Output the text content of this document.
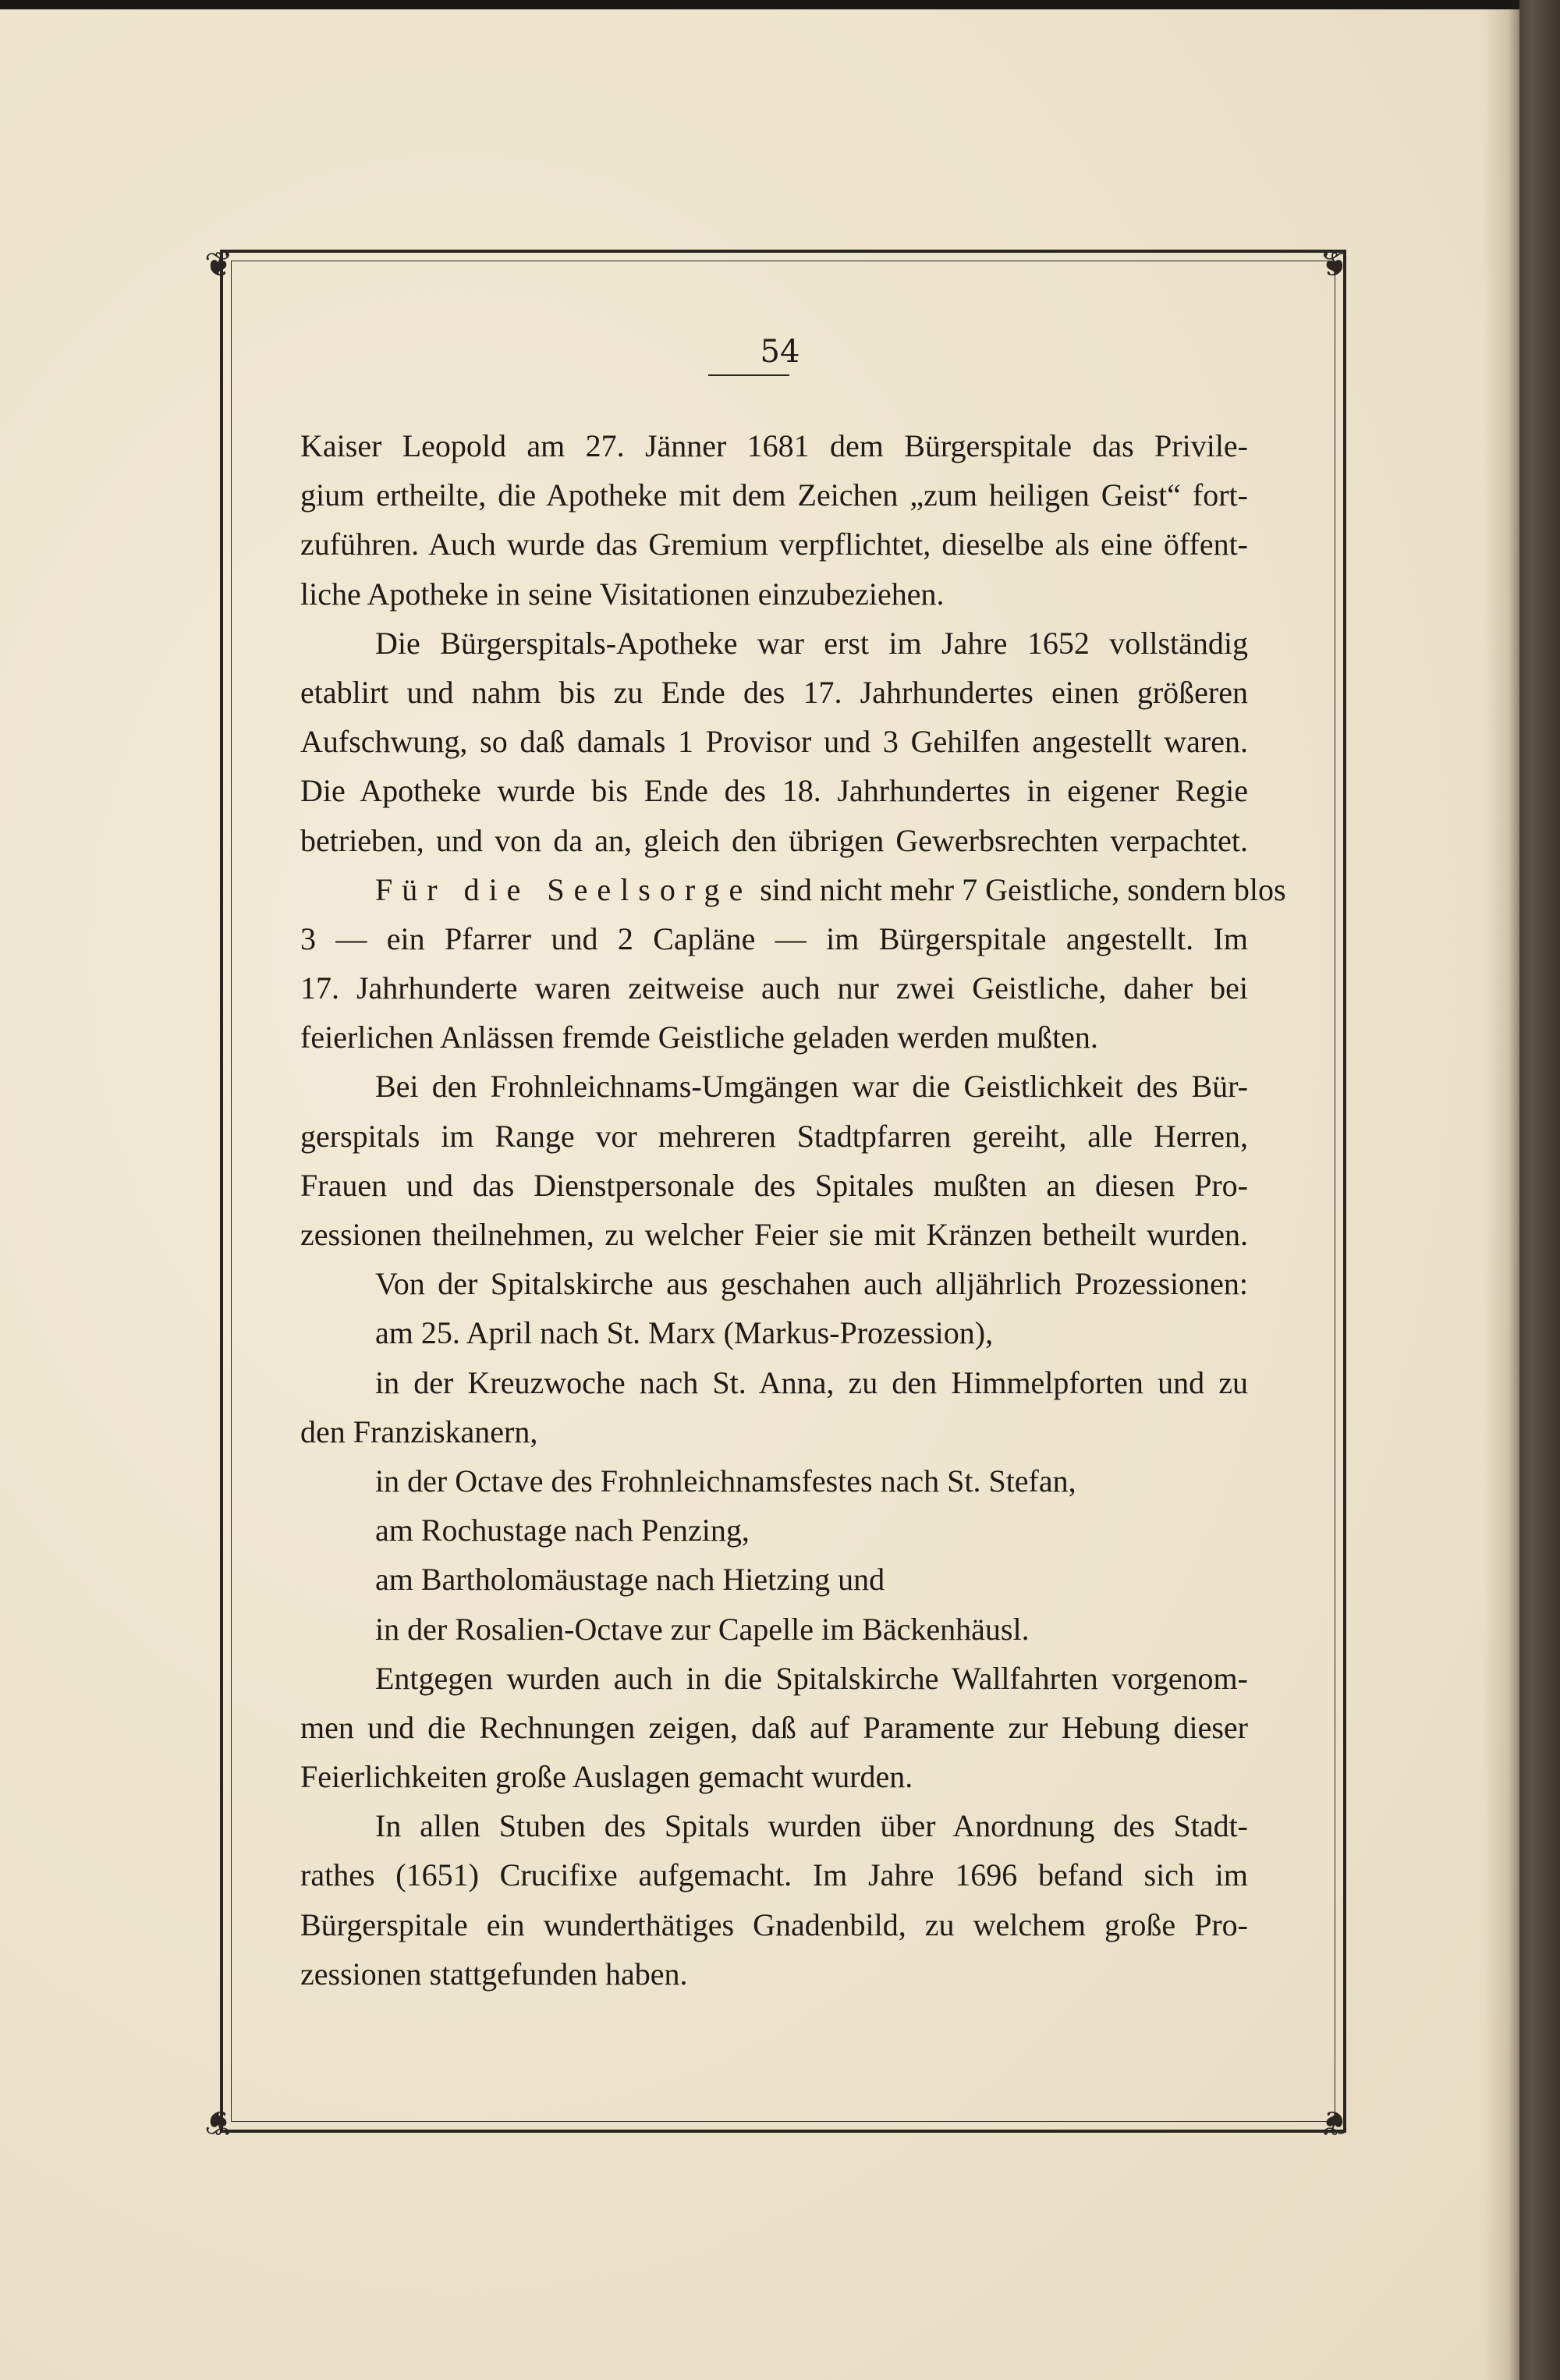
❦	❦
❦	❦
54
Kaiser Leopold am 27. Jänner 1681 dem Bürgerspitale das Privile-
gium ertheilte, die Apotheke mit dem Zeichen „zum heiligen Geist“ fort-
zuführen. Auch wurde das Gremium verpflichtet, dieselbe als eine öffent-
liche Apotheke in seine Visitationen einzubeziehen.
Die Bürgerspitals-Apotheke war erst im Jahre 1652 vollständig
etablirt und nahm bis zu Ende des 17. Jahrhundertes einen größeren
Aufschwung, so daß damals 1 Provisor und 3 Gehilfen angestellt waren.
Die Apotheke wurde bis Ende des 18. Jahrhundertes in eigener Regie
betrieben, und von da an, gleich den übrigen Gewerbsrechten verpachtet.
Für die Seelsorge sind nicht mehr 7 Geistliche, sondern blos
3 — ein Pfarrer und 2 Capläne — im Bürgerspitale angestellt. Im
17. Jahrhunderte waren zeitweise auch nur zwei Geistliche, daher bei
feierlichen Anlässen fremde Geistliche geladen werden mußten.
Bei den Frohnleichnams-Umgängen war die Geistlichkeit des Bür-
gerspitals im Range vor mehreren Stadtpfarren gereiht, alle Herren,
Frauen und das Dienstpersonale des Spitales mußten an diesen Pro-
zessionen theilnehmen, zu welcher Feier sie mit Kränzen betheilt wurden.
Von der Spitalskirche aus geschahen auch alljährlich Prozessionen:
am 25. April nach St. Marx (Markus-Prozession),
in der Kreuzwoche nach St. Anna, zu den Himmelpforten und zu
den Franziskanern,
in der Octave des Frohnleichnamsfestes nach St. Stefan,
am Rochustage nach Penzing,
am Bartholomäustage nach Hietzing und
in der Rosalien-Octave zur Capelle im Bäckenhäusl.
Entgegen wurden auch in die Spitalskirche Wallfahrten vorgenom-
men und die Rechnungen zeigen, daß auf Paramente zur Hebung dieser
Feierlichkeiten große Auslagen gemacht wurden.
In allen Stuben des Spitals wurden über Anordnung des Stadt-
rathes (1651) Crucifixe aufgemacht. Im Jahre 1696 befand sich im
Bürgerspitale ein wunderthätiges Gnadenbild, zu welchem große Pro-
zessionen stattgefunden haben.
